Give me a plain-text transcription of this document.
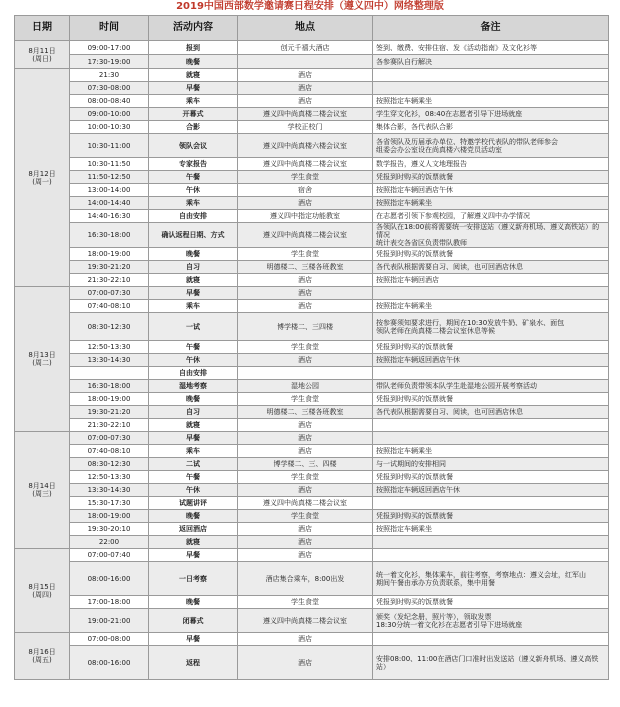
2019中国西部数学邀请赛日程安排（遵义四中）网络整理版
日期	时间	活动内容	地点	备注

8月11日
(周日)	09:00-17:00	报到	创元千禧大酒店	签到、缴费、安排住宿、发《活动指南》及文化衫等
	17:30-19:00	晚餐		各参赛队自行解决

8月12日
(周一)	21:30	就寝	酒店	
	07:30-08:00	早餐	酒店	
	08:00-08:40	乘车	酒店	按照指定车辆乘坐
	09:00-10:00	开幕式	遵义四中尚真楼二楼会议室	学生穿文化衫，08:40在志愿者引导下进场就座
	10:00-10:30	合影	学校正校门	集体合影，各代表队合影
	10:30-11:00	领队会议	遵义四中尚真楼六楼会议室	各省领队及历届承办单位、特邀学校代表队的带队老师参会
组委会办公室设在尚真楼六楼党员活动室
	10:30-11:50	专家报告	遵义四中尚真楼二楼会议室	数学报告，遵义人文地理报告
	11:50-12:50	午餐	学生食堂	凭报到时购买的饭票就餐
	13:00-14:00	午休	宿舍	按照指定车辆回酒店午休
	14:00-14:40	乘车	酒店	按照指定车辆乘坐
	14:40-16:30	自由安排	遵义四中指定功能教室	在志愿者引领下参观校园，了解遵义四中办学情况
	16:30-18:00	确认返程日期、方式	遵义四中尚真楼二楼会议室	各领队在18:00前将需要统一安排送站（遵义新舟机场、遵义高铁站）的情况
统计表交各省区负责带队教师
	18:00-19:00	晚餐	学生食堂	凭报到时购买的饭票就餐
	19:30-21:20	自习	明德楼二、三楼各班教室	各代表队根据需要自习、阅读，也可回酒店休息
	21:30-22:10	就寝	酒店	按照指定车辆回酒店

8月13日
(周二)	07:00-07:30	早餐	酒店	
	07:40-08:10	乘车	酒店	按照指定车辆乘坐
	08:30-12:30	一试	博学楼二、三四楼	按参赛须知要求进行，期间在10:30发放牛奶、矿泉水、面包
领队老师在尚真楼二楼会议室休息等候
	12:50-13:30	午餐	学生食堂	凭报到时购买的饭票就餐
	13:30-14:30	午休	酒店	按照指定车辆返回酒店午休
		自由安排		
	16:30-18:00	湿地考察	湿地公园	带队老师负责带领本队学生赴湿地公园开展考察活动
	18:00-19:00	晚餐	学生食堂	凭报到时购买的饭票就餐
	19:30-21:20	自习	明德楼二、三楼各班教室	各代表队根据需要自习、阅读，也可回酒店休息
	21:30-22:10	就寝	酒店	

8月14日
(周三)	07:00-07:30	早餐	酒店	
	07:40-08:10	乘车	酒店	按照指定车辆乘坐
	08:30-12:30	二试	博学楼二、三、四楼	与一试期间的安排相同
	12:50-13:30	午餐	学生食堂	凭报到时购买的饭票就餐
	13:30-14:30	午休	酒店	按照指定车辆返回酒店午休
	15:30-17:30	试题讲评	遵义四中尚真楼二楼会议室	
	18:00-19:00	晚餐	学生食堂	凭报到时购买的饭票就餐
	19:30-20:10	返回酒店	酒店	按照指定车辆乘坐
	22:00	就寝	酒店	

8月15日
(周四)	07:00-07:40	早餐	酒店	
	08:00-16:00	一日考察	酒店集合乘车，8:00出发	统一着文化衫，集体乘车，前往考察，考察地点：遵义会址，红军山
期间午餐由承办方负责联系，集中用餐
	17:00-18:00	晚餐	学生食堂	凭报到时购买的饭票就餐
	19:00-21:00	闭幕式	遵义四中尚真楼二楼会议室	颁奖（发纪念册，照片等），领取发票
18:30分统一着文化衫在志愿者引导下进场就座

8月16日
(周五)	07:00-08:00	早餐	酒店	
	08:00-16:00	返程	酒店	安排08:00、11:00在酒店门口准时出发送站（遵义新舟机场、遵义高铁站）
